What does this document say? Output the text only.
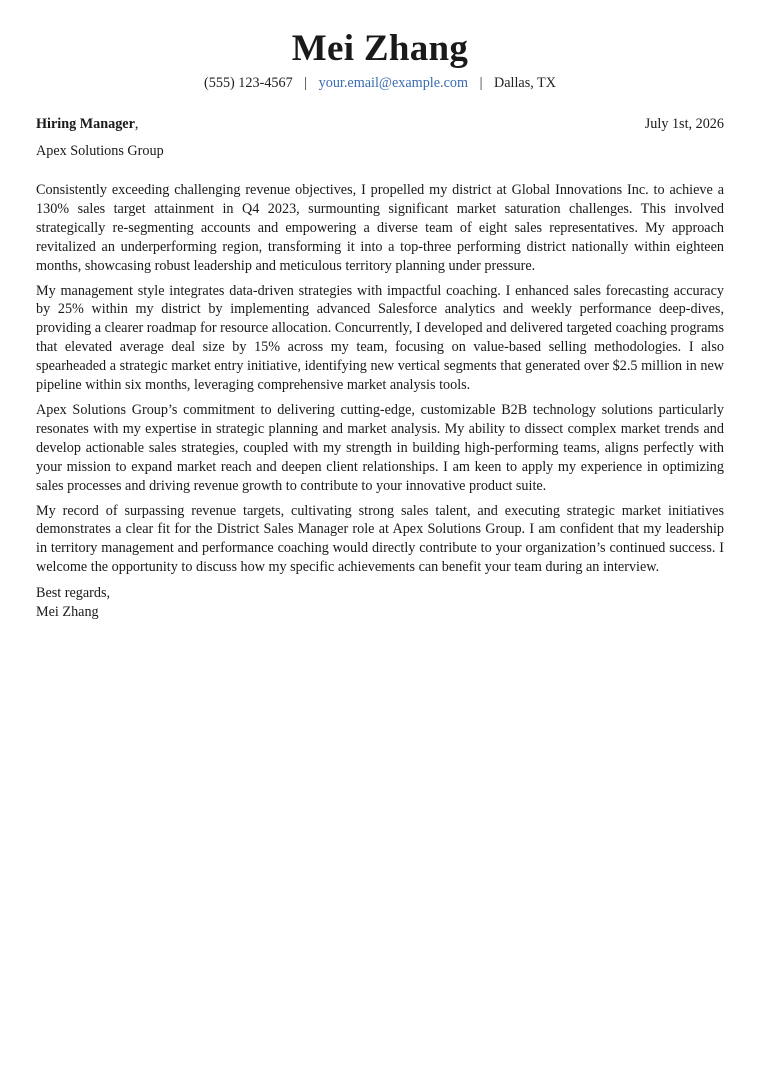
Mei Zhang
(555) 123-4567 | your.email@example.com | Dallas, TX
Hiring Manager,	July 1st, 2026
Apex Solutions Group

Consistently exceeding challenging revenue objectives, I propelled my district at Global Innovations Inc. to achieve a 130% sales target attainment in Q4 2023, surmounting significant market saturation challenges. This involved strategically re-segmenting accounts and empowering a diverse team of eight sales representatives. My approach revitalized an underperforming region, transforming it into a top-three performing district nationally within eighteen months, showcasing robust leadership and meticulous territory planning under pressure.

My management style integrates data-driven strategies with impactful coaching. I enhanced sales forecasting accuracy by 25% within my district by implementing advanced Salesforce analytics and weekly performance deep-dives, providing a clearer roadmap for resource allocation. Concurrently, I developed and delivered targeted coaching programs that elevated average deal size by 15% across my team, focusing on value-based selling methodologies. I also spearheaded a strategic market entry initiative, identifying new vertical segments that generated over $2.5 million in new pipeline within six months, leveraging comprehensive market analysis tools.

Apex Solutions Group’s commitment to delivering cutting-edge, customizable B2B technology solutions particularly resonates with my expertise in strategic planning and market analysis. My ability to dissect complex market trends and develop actionable sales strategies, coupled with my strength in building high-performing teams, aligns perfectly with your mission to expand market reach and deepen client relationships. I am keen to apply my experience in optimizing sales processes and driving revenue growth to contribute to your innovative product suite.

My record of surpassing revenue targets, cultivating strong sales talent, and executing strategic market initiatives demonstrates a clear fit for the District Sales Manager role at Apex Solutions Group. I am confident that my leadership in territory management and performance coaching would directly contribute to your organization’s continued success. I welcome the opportunity to discuss how my specific achievements can benefit your team during an interview.

Best regards,
Mei Zhang
